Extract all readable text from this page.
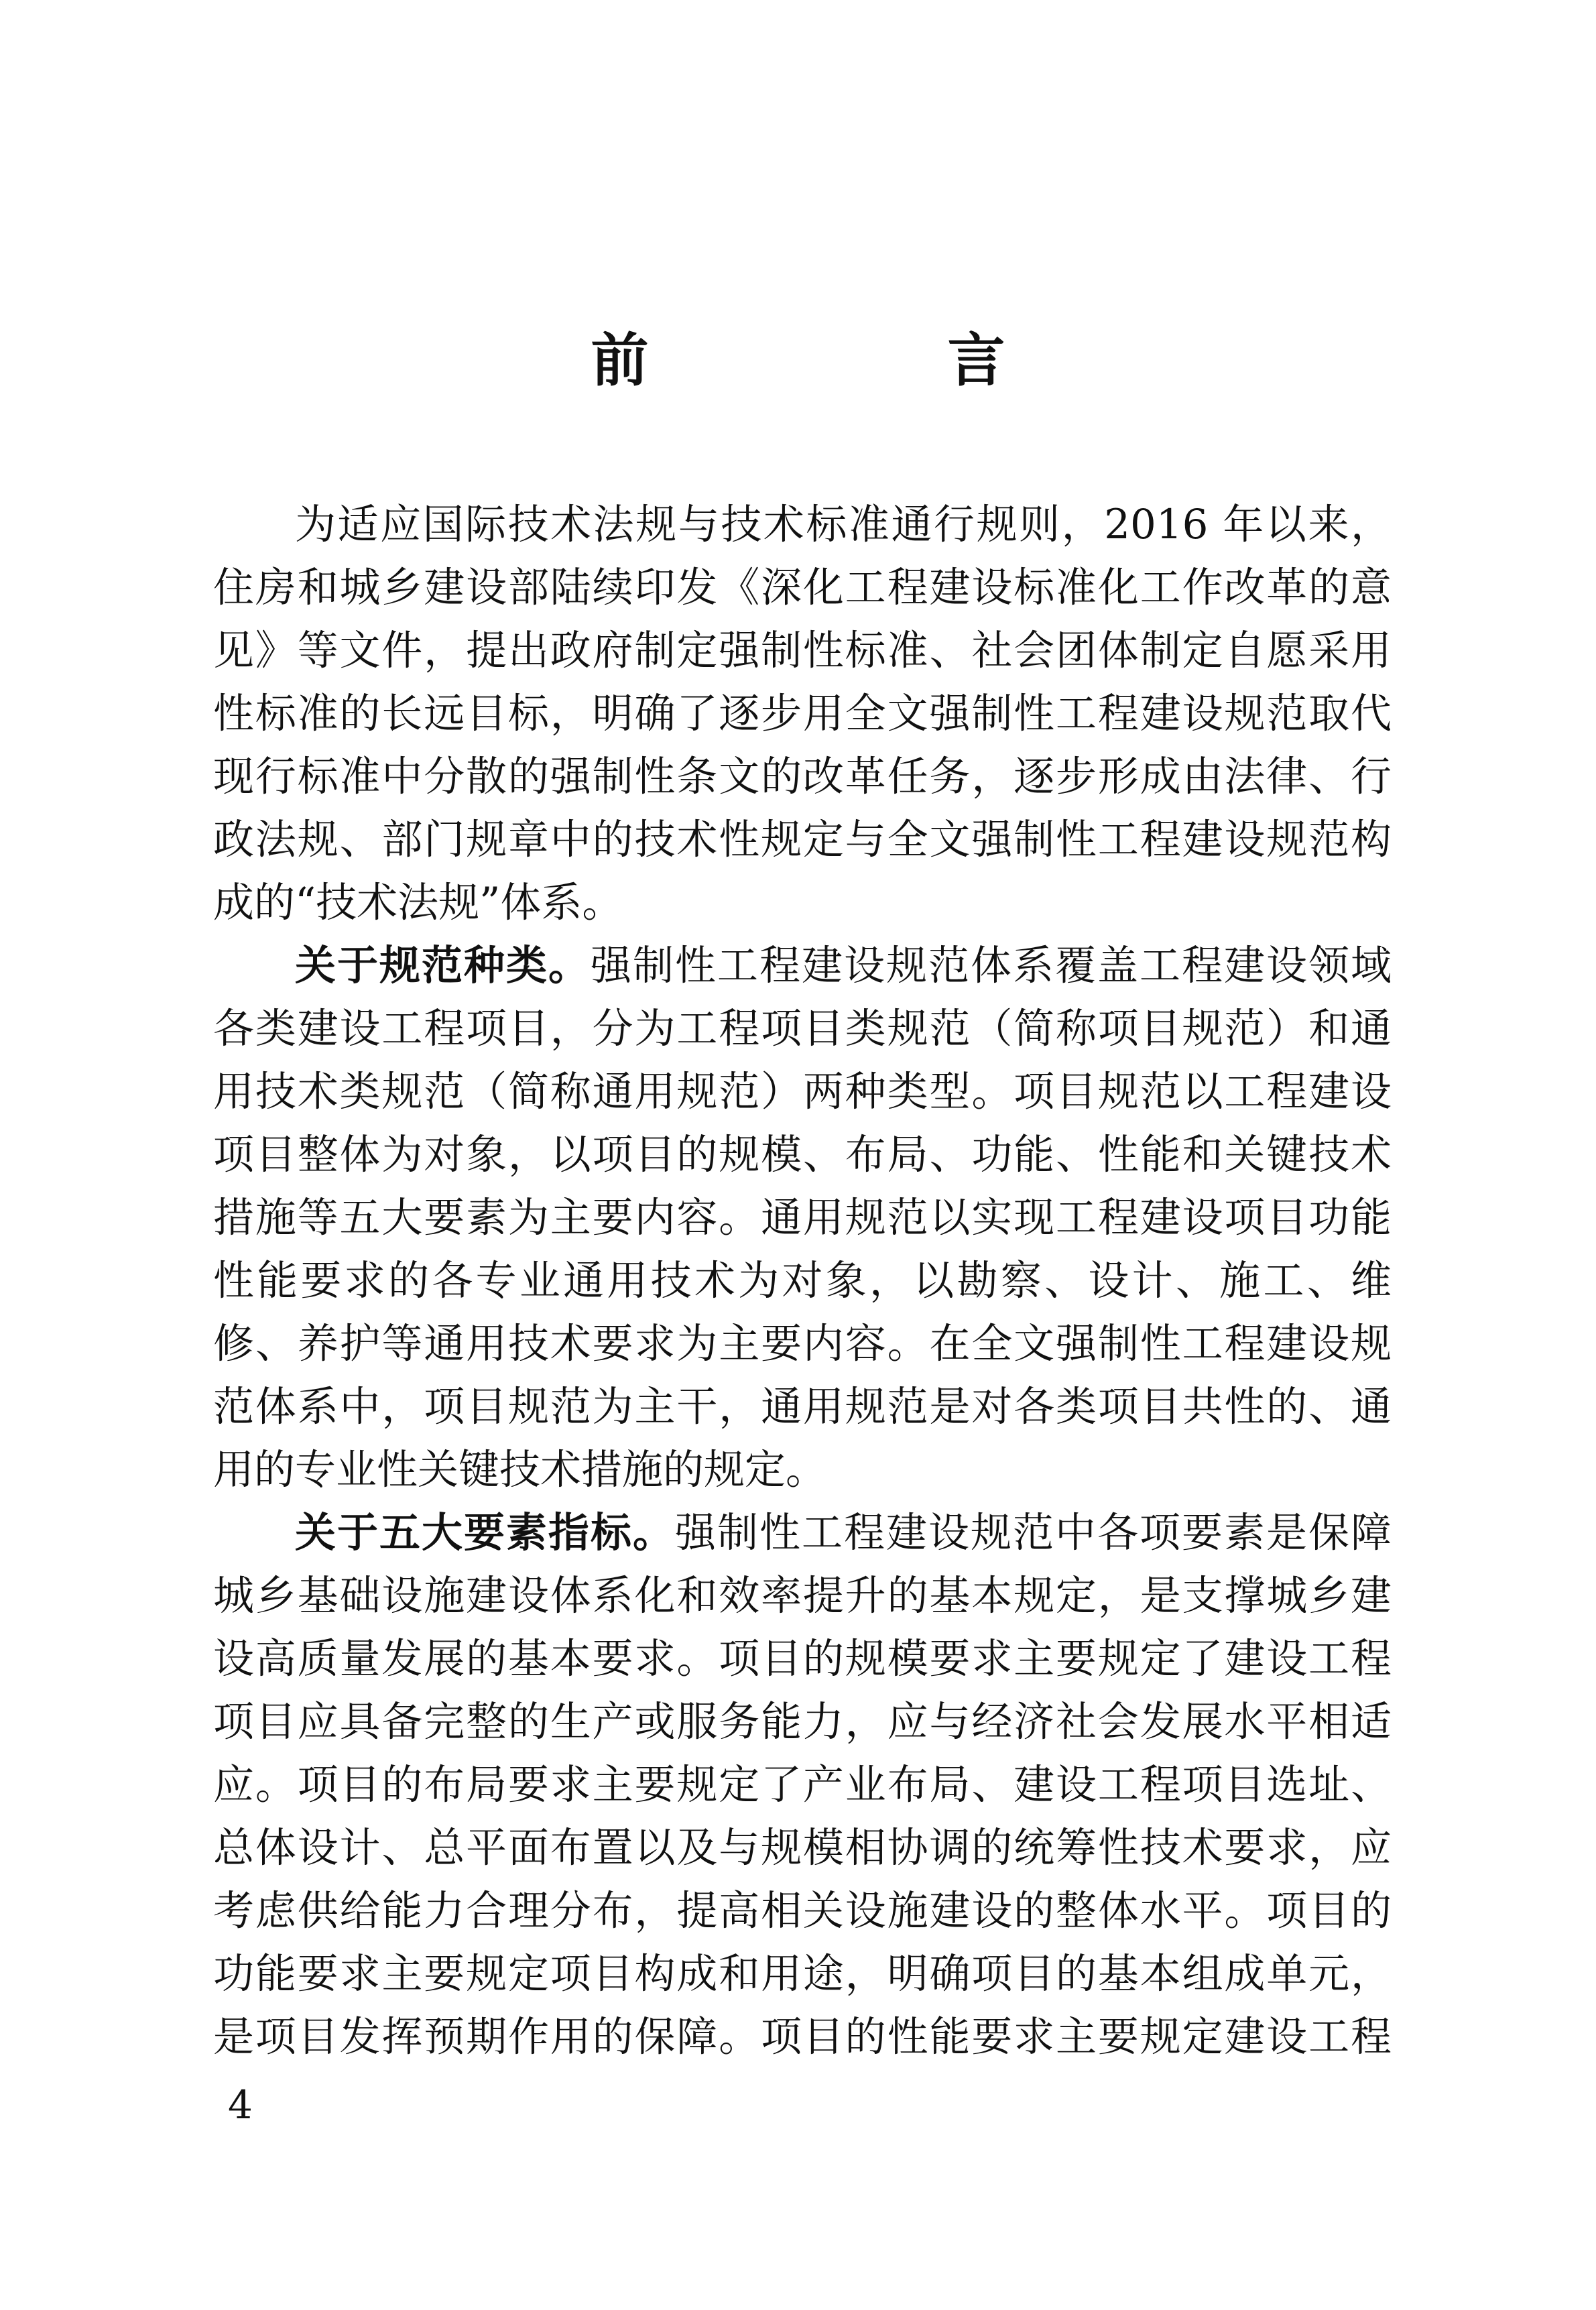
前　言
为适应国际技术法规与技术标准通行规则，2016 年以来，
住房和城乡建设部陆续印发《深化工程建设标准化工作改革的意
见》等文件，提出政府制定强制性标准、社会团体制定自愿采用
性标准的长远目标，明确了逐步用全文强制性工程建设规范取代
现行标准中分散的强制性条文的改革任务，逐步形成由法律、行
政法规、部门规章中的技术性规定与全文强制性工程建设规范构
成的“技术法规”体系。
关于规范种类。强制性工程建设规范体系覆盖工程建设领域
各类建设工程项目，分为工程项目类规范（简称项目规范）和通
用技术类规范（简称通用规范）两种类型。项目规范以工程建设
项目整体为对象，以项目的规模、布局、功能、性能和关键技术
措施等五大要素为主要内容。通用规范以实现工程建设项目功能
性能要求的各专业通用技术为对象，以勘察、设计、施工、维
修、养护等通用技术要求为主要内容。在全文强制性工程建设规
范体系中，项目规范为主干，通用规范是对各类项目共性的、通
用的专业性关键技术措施的规定。
关于五大要素指标。强制性工程建设规范中各项要素是保障
城乡基础设施建设体系化和效率提升的基本规定，是支撑城乡建
设高质量发展的基本要求。项目的规模要求主要规定了建设工程
项目应具备完整的生产或服务能力，应与经济社会发展水平相适
应。项目的布局要求主要规定了产业布局、建设工程项目选址、
总体设计、总平面布置以及与规模相协调的统筹性技术要求，应
考虑供给能力合理分布，提高相关设施建设的整体水平。项目的
功能要求主要规定项目构成和用途，明确项目的基本组成单元，
是项目发挥预期作用的保障。项目的性能要求主要规定建设工程
4
